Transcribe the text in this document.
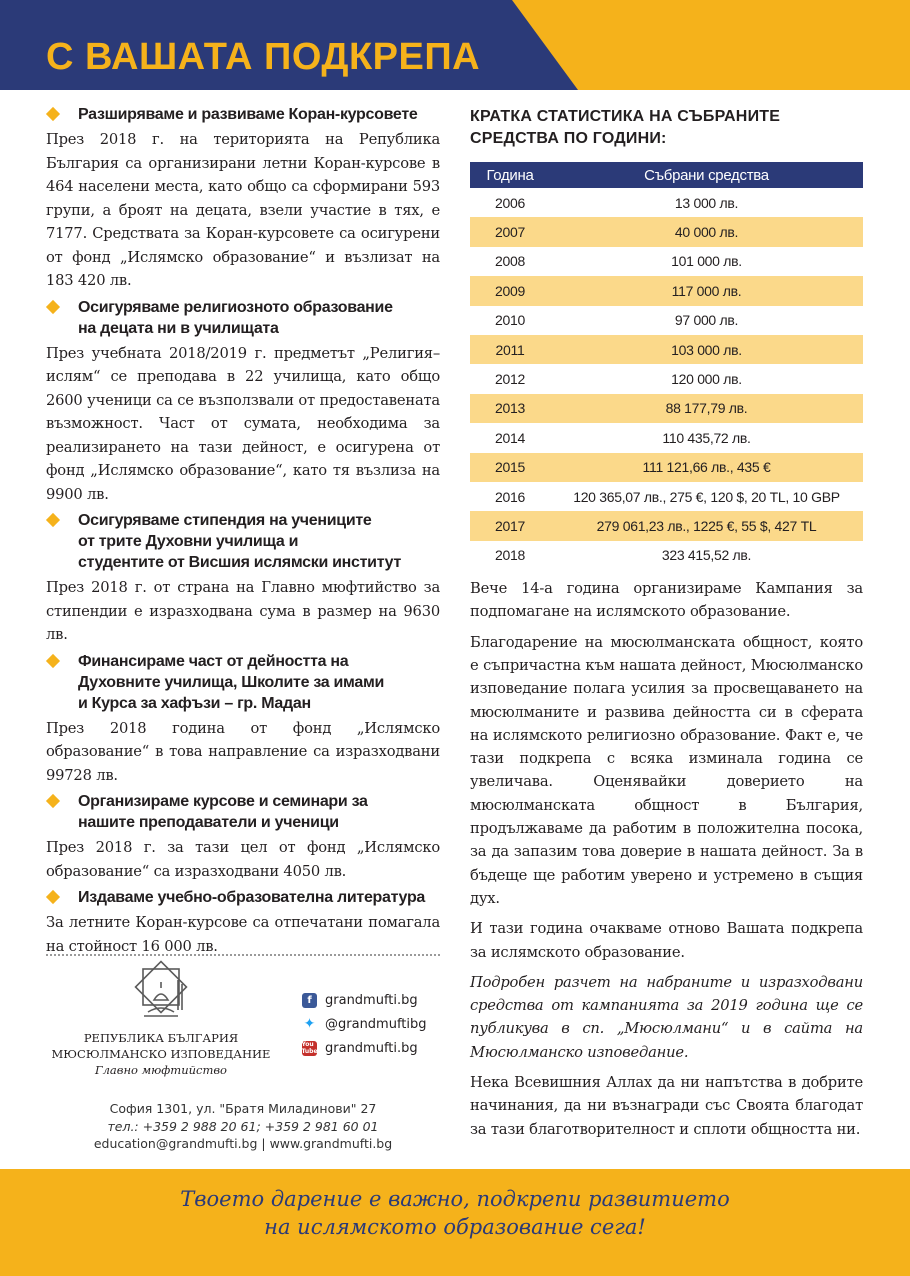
С ВАШАТА ПОДКРЕПА
Разширяваме и развиваме Коран-курсовете
През 2018 г. на територията на Република България са организирани летни Коран-курсове в 464 населени места, като общо са сформирани 593 групи, а броят на децата, взели участие в тях, е 7177. Средствата за Коран-курсовете са осигурени от фонд „Ислямско образование“ и възлизат на 183 420 лв.
Осигуряваме религиозното образование
на децата ни в училищата
През учебната 2018/2019 г. предметът „Религия–ислям“ се преподава в 22 училища, като общо 2600 ученици са се възползвали от предоставената възможност. Част от сумата, необходима за реализирането на тази дейност, е осигурена от фонд „Ислямско образование“, като тя възлиза на 9900 лв.
Осигуряваме стипендия на учениците
от трите Духовни училища и
студентите от Висшия ислямски институт
През 2018 г. от страна на Главно мюфтийство за стипендии е изразходвана сума в размер на 9630 лв.
Финансираме част от дейността на
Духовните училища, Школите за имами
и Курса за хафъзи – гр. Мадан
През 2018 година от фонд „Ислямско образование“ в това направление са изразходвани 99728 лв.
Организираме курсове и семинари за
нашите преподаватели и ученици
През 2018 г. за тази цел от фонд „Ислямско образование“ са изразходвани 4050 лв.
Издаваме учебно-образователна литература
За летните Коран-курсове са отпечатани помагала на стойност 16 000 лв.
РЕПУБЛИКА БЪЛГАРИЯ
МЮСЮЛМАНСКО ИЗПОВЕДАНИЕ
Главно мюфтийство
f	grandmufti.bg
✦ @grandmuftibg
You Tube grandmufti.bg
София 1301, ул. "Братя Миладинови" 27
тел.: +359 2 988 20 61; +359 2 981 60 01
education@grandmufti.bg | www.grandmufti.bg
КРАТКА СТАТИСТИКА НА СЪБРАНИТЕ
СРЕДСТВА ПО ГОДИНИ:
Година	Събрани средства
2006	13 000 лв.
2007	40 000 лв.
2008	101 000 лв.
2009	117 000 лв.
2010	97 000 лв.
2011	103 000 лв.
2012	120 000 лв.
2013	88 177,79 лв.
2014	110 435,72 лв.
2015	111 121,66 лв., 435 €
2016	120 365,07 лв., 275 €, 120 $, 20 TL, 10 GBP
2017	279 061,23 лв., 1225 €, 55 $, 427 TL
2018	323 415,52 лв.
Вече 14-а година организираме Кампания за подпомагане на ислямското образование.
Благодарение на мюсюлманската общност, която е съпричастна към нашата дейност, Мюсюлманско изповедание полага усилия за просвещаването на мюсюлманите и развива дейността си в сферата на ислямското религиозно образование. Факт е, че тази подкрепа с всяка изминала година се увеличава. Оценявайки доверието на мюсюлманската общност в България, продължаваме да работим в положителна посока, за да запазим това доверие в нашата дейност. За в бъдеще ще работим уверено и устремено в същия дух.
И тази година очакваме отново Вашата подкрепа за ислямското образование.
Подробен разчет на набраните и изразходвани средства от кампанията за 2019 година ще се публикува в сп. „Мюсюлмани“ и в сайта на Мюсюлманско изповедание.
Нека Всевишния Аллах да ни напътства в добрите начинания, да ни възнагради със Своята благодат за тази благотворителност и сплоти общността ни.
Твоето дарение е важно, подкрепи развитието
на ислямското образование сега!
